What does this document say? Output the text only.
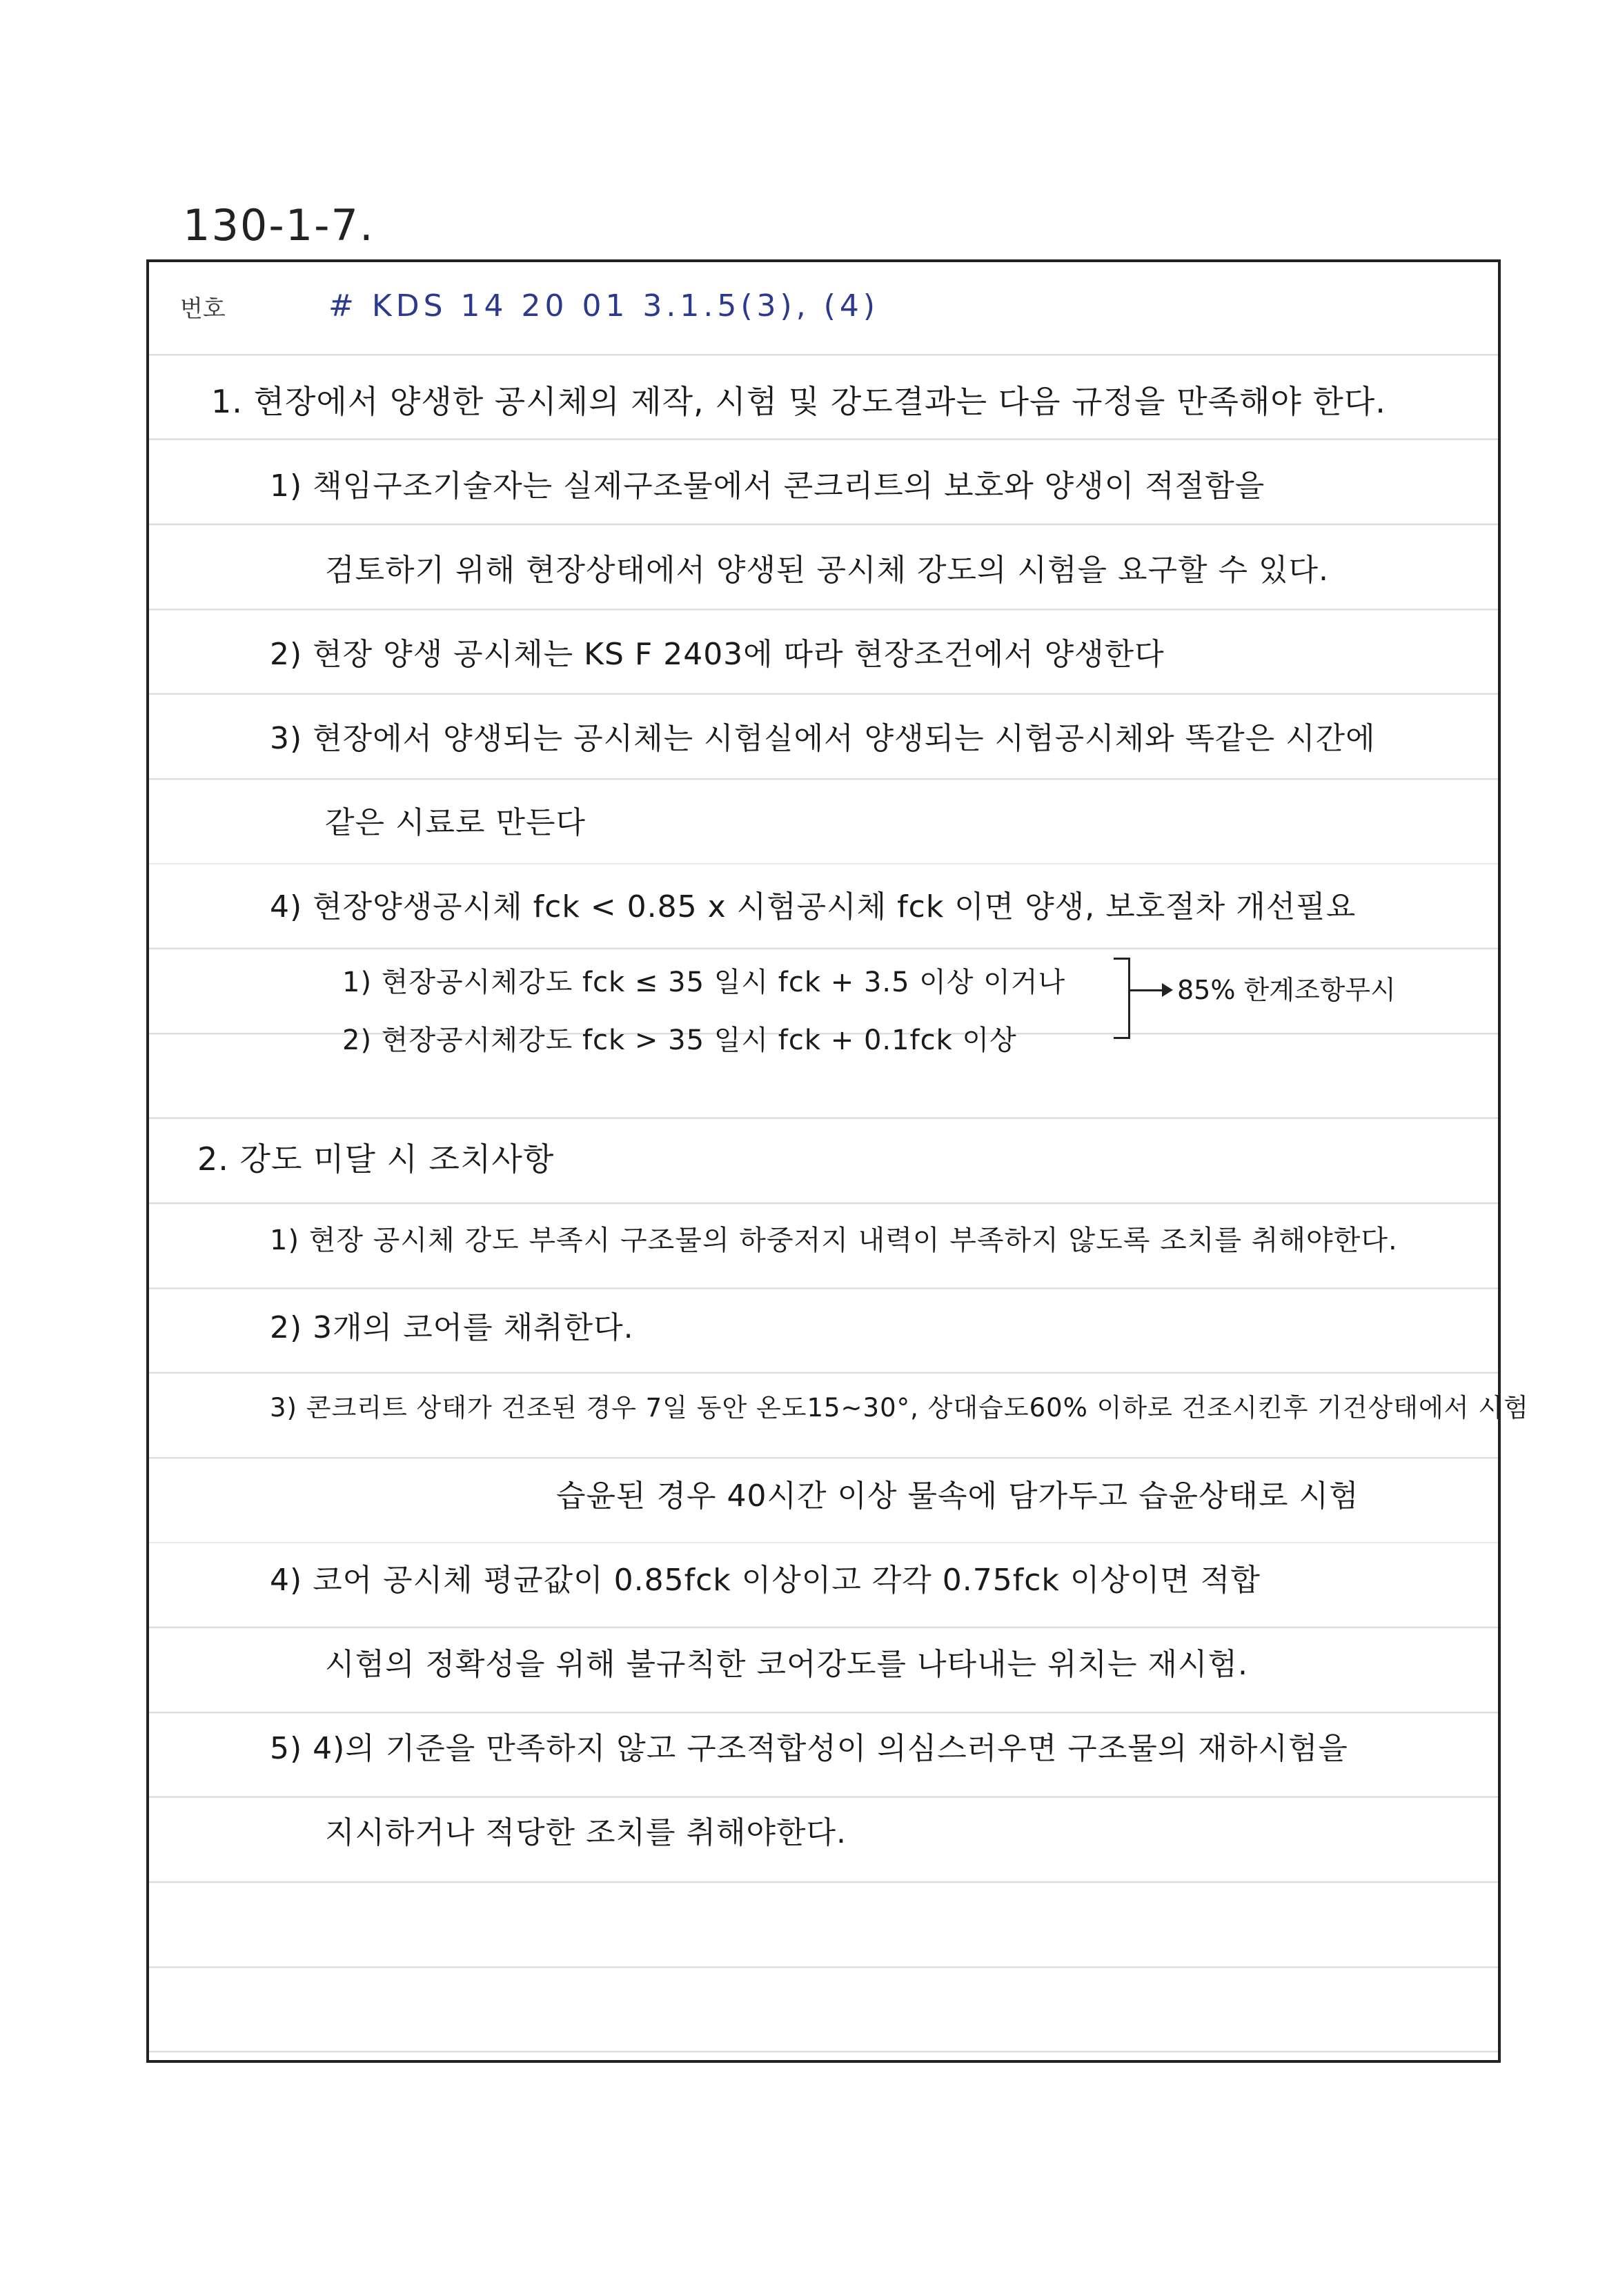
130-1-7.
번호	# KDS 14 20 01 3.1.5(3), (4)
1. 현장에서 양생한 공시체의 제작, 시험 및 강도결과는 다음 규정을 만족해야 한다.
1) 책임구조기술자는 실제구조물에서 콘크리트의 보호와 양생이 적절함을
검토하기 위해 현장상태에서 양생된 공시체 강도의 시험을 요구할 수 있다.
2) 현장 양생 공시체는 KS F 2403에 따라 현장조건에서 양생한다
3) 현장에서 양생되는 공시체는 시험실에서 양생되는 시험공시체와 똑같은 시간에
같은 시료로 만든다
4) 현장양생공시체 fck < 0.85 x 시험공시체 fck 이면 양생, 보호절차 개선필요
1) 현장공시체강도 fck ≤ 35 일시 fck + 3.5 이상 이거나
2) 현장공시체강도 fck > 35 일시 fck + 0.1fck 이상
85% 한계조항무시
2. 강도 미달 시 조치사항
1) 현장 공시체 강도 부족시 구조물의 하중저지 내력이 부족하지 않도록 조치를 취해야한다.
2) 3개의 코어를 채취한다.
3) 콘크리트 상태가 건조된 경우 7일 동안 온도15~30°, 상대습도60% 이하로 건조시킨후 기건상태에서 시험
습윤된 경우 40시간 이상 물속에 담가두고 습윤상태로 시험
4) 코어 공시체 평균값이 0.85fck 이상이고 각각 0.75fck 이상이면 적합
시험의 정확성을 위해 불규칙한 코어강도를 나타내는 위치는 재시험.
5) 4)의 기준을 만족하지 않고 구조적합성이 의심스러우면 구조물의 재하시험을
지시하거나 적당한 조치를 취해야한다.
